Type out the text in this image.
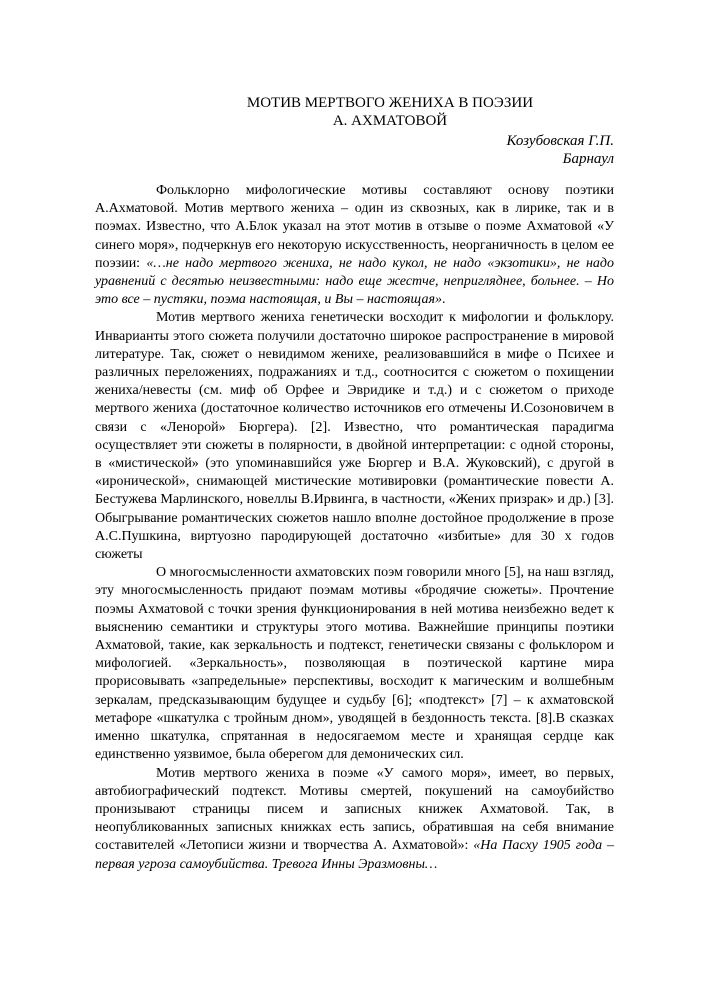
МОТИВ МЕРТВОГО ЖЕНИХА В ПОЭЗИИ
А. АХМАТОВОЙ
Козубовская Г.П.
Барнаул

Фольклорно мифологические мотивы составляют основу поэтики А.Ахматовой. Мотив мертвого жениха – один из сквозных, как в лирике, так и в поэмах. Известно, что А.Блок указал на этот мотив в отзыве о поэме Ахматовой «У синего моря», подчеркнув его некоторую искусственность, неорганичность в целом ее поэзии: «…не надо мертвого жениха, не надо кукол, не надо «экзотики», не надо уравнений с десятью неизвестными: надо еще жестче, непригляднее, больнее. – Но это все – пустяки, поэма настоящая, и Вы – настоящая».

Мотив мертвого жениха генетически восходит к мифологии и фольклору. Инварианты этого сюжета получили достаточно широкое распространение в мировой литературе. Так, сюжет о невидимом женихе, реализовавшийся в мифе о Психее и различных переложениях, подражаниях и т.д., соотносится с сюжетом о похищении жениха/невесты (см. миф об Орфее и Эвридике и т.д.) и с сюжетом о приходе мертвого жениха (достаточное количество источников его отмечены И.Созоновичем в связи с «Ленорой» Бюргера). [2]. Известно, что романтическая парадигма осуществляет эти сюжеты в полярности, в двойной интерпретации: с одной стороны, в «мистической» (это упоминавшийся уже Бюргер и В.А. Жуковский), с другой в «иронической», снимающей мистические мотивировки (романтические повести А. Бестужева Марлинского, новеллы В.Ирвинга, в частности, «Жених призрак» и др.) [3]. Обыгрывание романтических сюжетов нашло вполне достойное продолжение в прозе А.С.Пушкина, виртуозно пародирующей достаточно «избитые» для 30 х годов сюжеты

О многосмысленности ахматовских поэм говорили много [5], на наш взгляд, эту многосмысленность придают поэмам мотивы «бродячие сюжеты». Прочтение поэмы Ахматовой с точки зрения функционирования в ней мотива неизбежно ведет к выяснению семантики и структуры этого мотива. Важнейшие принципы поэтики Ахматовой, такие, как зеркальность и подтекст, генетически связаны с фольклором и мифологией. «Зеркальность», позволяющая в поэтической картине мира прорисовывать «запредельные» перспективы, восходит к магическим и волшебным зеркалам, предсказывающим будущее и судьбу [6]; «подтекст» [7] – к ахматовской метафоре «шкатулка с тройным дном», уводящей в бездонность текста. [8].В сказках именно шкатулка, спрятанная в недосягаемом месте и хранящая сердце как единственно уязвимое, была оберегом для демонических сил.

Мотив мертвого жениха в поэме «У самого моря», имеет, во первых, автобиографический подтекст. Мотивы смертей, покушений на самоубийство пронизывают страницы писем и записных книжек Ахматовой. Так, в неопубликованных записных книжках есть запись, обратившая на себя внимание составителей «Летописи жизни и творчества А. Ахматовой»: «На Пасху 1905 года – первая угроза самоубийства. Тревога Инны Эразмовны…
